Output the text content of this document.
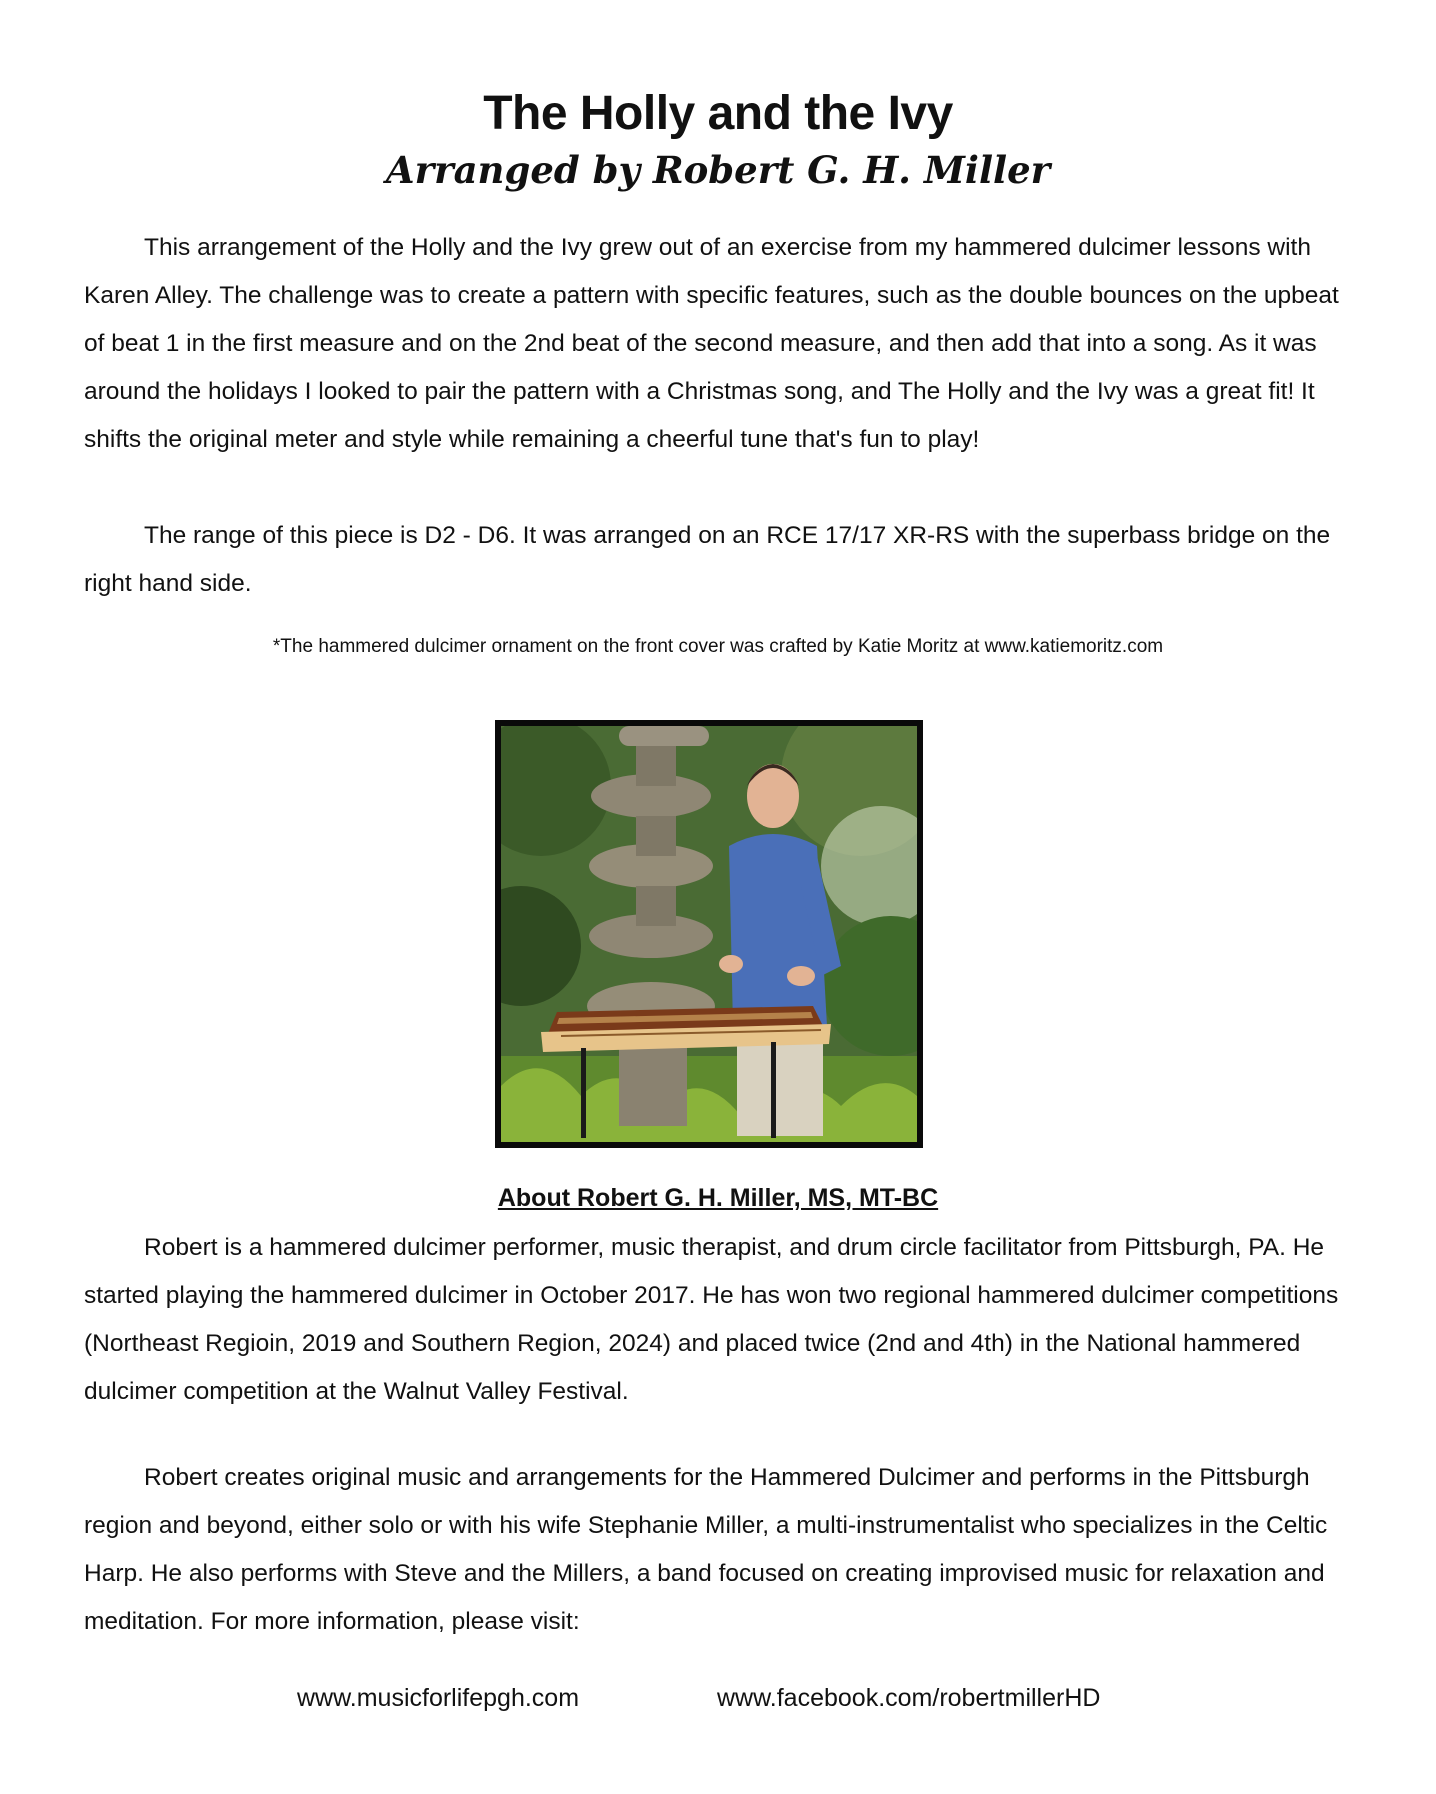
The Holly and the Ivy
Arranged by Robert G. H. Miller

This arrangement of the Holly and the Ivy grew out of an exercise from my hammered dulcimer lessons with Karen Alley. The challenge was to create a pattern with specific features, such as the double bounces on the upbeat of beat 1 in the first measure and on the 2nd beat of the second measure, and then add that into a song. As it was around the holidays I looked to pair the pattern with a Christmas song, and The Holly and the Ivy was a great fit! It shifts the original meter and style while remaining a cheerful tune that's fun to play!

The range of this piece is D2 - D6. It was arranged on an RCE 17/17 XR-RS with the superbass bridge on the right hand side.

*The hammered dulcimer ornament on the front cover was crafted by Katie Moritz at www.katiemoritz.com

About Robert G. H. Miller, MS, MT-BC

Robert is a hammered dulcimer performer, music therapist, and drum circle facilitator from Pittsburgh, PA. He started playing the hammered dulcimer in October 2017. He has won two regional hammered dulcimer competitions (Northeast Regioin, 2019 and Southern Region, 2024) and placed twice (2nd and 4th) in the National hammered dulcimer competition at the Walnut Valley Festival.

Robert creates original music and arrangements for the Hammered Dulcimer and performs in the Pittsburgh region and beyond, either solo or with his wife Stephanie Miller, a multi-instrumentalist who specializes in the Celtic Harp. He also performs with Steve and the Millers, a band focused on creating improvised music for relaxation and meditation. For more information, please visit:

www.musicforlifepgh.com	www.facebook.com/robertmillerHD
